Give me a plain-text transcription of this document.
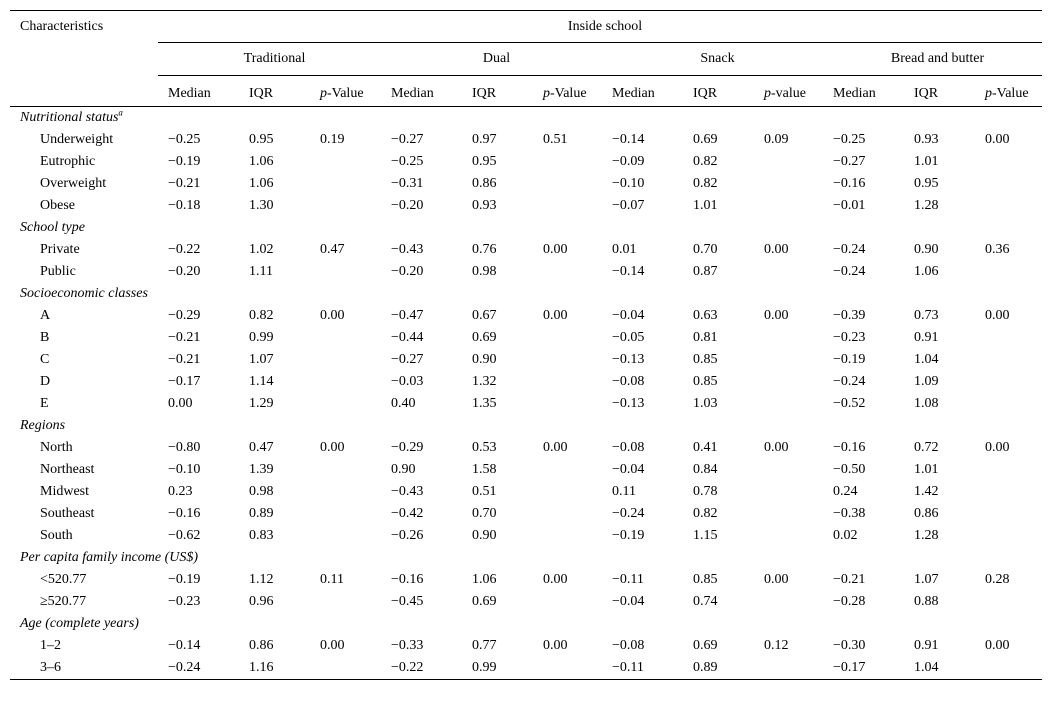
Characteristics	Inside school											
	Traditional			Dual			Snack			Bread and butter		
	Median	IQR	p-Value	Median	IQR	p-Value	Median	IQR	p-value	Median	IQR	p-Value
Nutritional status$^a$
Underweight	−0.25	0.95	0.19	−0.27	0.97	0.51	−0.14	0.69	0.09	−0.25	0.93	0.00
Eutrophic	−0.19	1.06		−0.25	0.95		−0.09	0.82		−0.27	1.01	
Overweight	−0.21	1.06		−0.31	0.86		−0.10	0.82		−0.16	0.95	
Obese	−0.18	1.30		−0.20	0.93		−0.07	1.01		−0.01	1.28	
School type												
Private	−0.22	1.02	0.47	−0.43	0.76	0.00	0.01	0.70	0.00	−0.24	0.90	0.36
Public	−0.20	1.11		−0.20	0.98		−0.14	0.87		−0.24	1.06	
Socioeconomic classes												
A	−0.29	0.82	0.00	−0.47	0.67	0.00	−0.04	0.63	0.00	−0.39	0.73	0.00
B	−0.21	0.99		−0.44	0.69		−0.05	0.81		−0.23	0.91	
C	−0.21	1.07		−0.27	0.90		−0.13	0.85		−0.19	1.04	
D	−0.17	1.14		−0.03	1.32		−0.08	0.85		−0.24	1.09	
E	0.00	1.29		0.40	1.35		−0.13	1.03		−0.52	1.08	
Regions												
North	−0.80	0.47	0.00	−0.29	0.53	0.00	−0.08	0.41	0.00	−0.16	0.72	0.00
Northeast	−0.10	1.39		0.90	1.58		−0.04	0.84		−0.50	1.01	
Midwest	0.23	0.98		−0.43	0.51		0.11	0.78		0.24	1.42	
Southeast	−0.16	0.89		−0.42	0.70		−0.24	0.82		−0.38	0.86	
South	−0.62	0.83		−0.26	0.90		−0.19	1.15		0.02	1.28	
Per capita family income (US$)												
<520.77	−0.19	1.12	0.11	−0.16	1.06	0.00	−0.11	0.85	0.00	−0.21	1.07	0.28
≥520.77	−0.23	0.96		−0.45	0.69		−0.04	0.74		−0.28	0.88	
Age (complete years)												
1–2	−0.14	0.86	0.00	−0.33	0.77	0.00	−0.08	0.69	0.12	−0.30	0.91	0.00
3–6	−0.24	1.16		−0.22	0.99		−0.11	0.89		−0.17	1.04	
